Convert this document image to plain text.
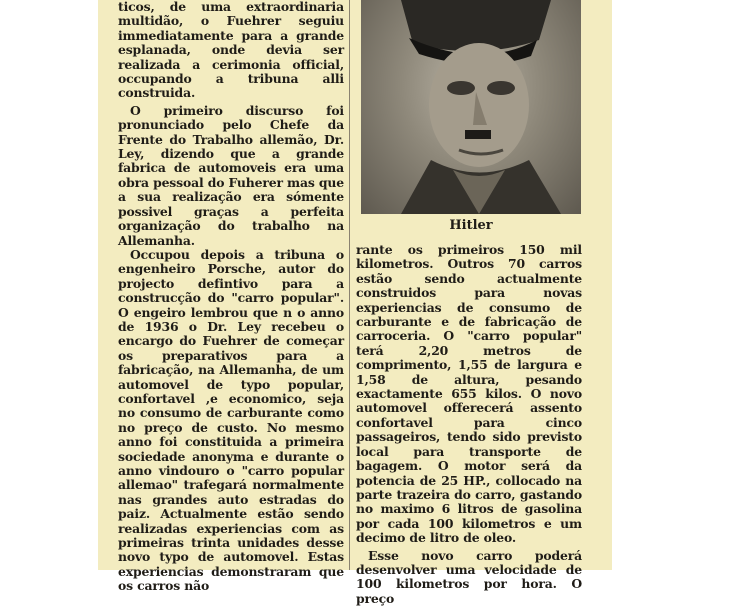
ticos, de uma extraordinaria multidão, o Fuehrer seguiu immediatamente para a grande esplanada, onde devia ser realizada a cerimonia official, occupando a tribuna alli construida.

O primeiro discurso foi pronunciado pelo Chefe da Frente do Trabalho allemão, Dr. Ley, dizendo que a grande fabrica de automoveis era uma obra pessoal do Fuherer mas que a sua realização era sómente possivel graças a perfeita organização do trabalho na Allemanha.

Occupou depois a tribuna o engenheiro Porsche, autor do projecto defintivo para a construcção do "carro popular". O engeiro lembrou que n o anno de 1936 o Dr. Ley recebeu o encargo do Fuehrer de começar os preparativos para a fabricação, na Allemanha, de um automovel de typo popular, confortavel ,e economico, seja no consumo de carburante como no preço de custo. No mesmo anno foi constituida a primeira sociedade anonyma e durante o anno vindouro o "carro popular allemao" trafegará normalmente nas grandes auto estradas do paiz. Actualmente estão sendo realizadas experiencias com as primeiras trinta unidades desse novo typo de automovel. Estas experiencias demonstraram que os carros não

Hitler

rante os primeiros 150 mil kilometros. Outros 70 carros estão sendo actualmente construidos para novas experiencias de consumo de carburante e de fabricação de carroceria. O "carro popular" terá 2,20 metros de comprimento, 1,55 de largura e 1,58 de altura, pesando exactamente 655 kilos. O novo automovel offerecerá assento confortavel para cinco passageiros, tendo sido previsto local para transporte de bagagem. O motor será da potencia de 25 HP., collocado na parte trazeira do carro, gastando no maximo 6 litros de gasolina por cada 100 kilometros e um decimo de litro de oleo.

Esse novo carro poderá desenvolver uma velocidade de 100 kilometros por hora. O preço
